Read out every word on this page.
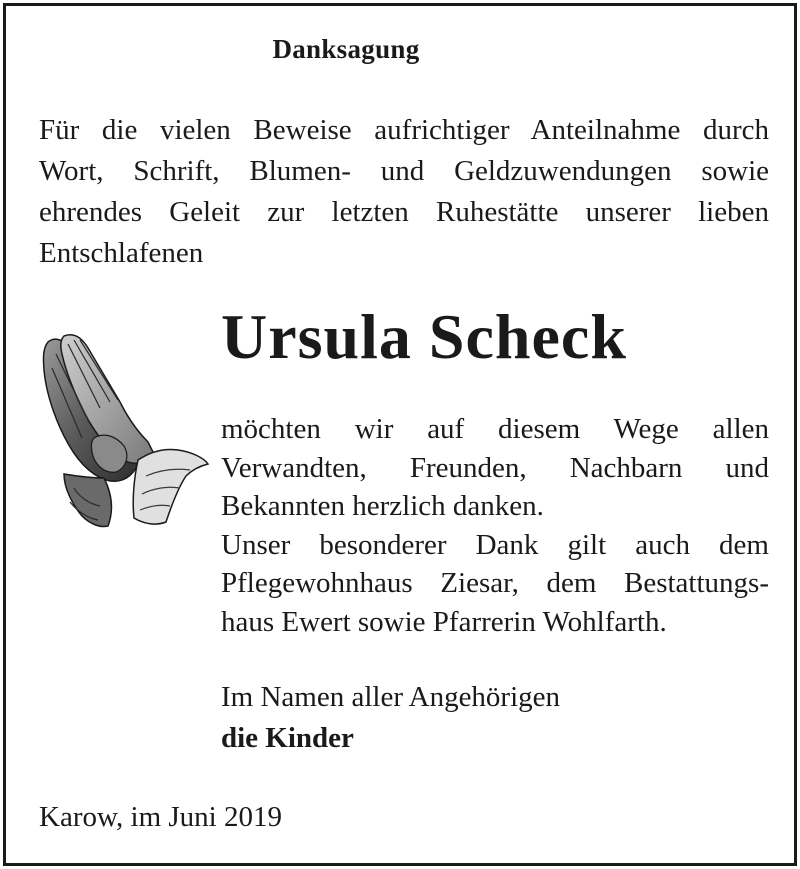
Danksagung
Für die vielen Beweise aufrichtiger Anteilnahme durch
Wort, Schrift, Blumen- und Geldzuwendungen sowie
ehrendes Geleit zur letzten Ruhestätte unserer lieben
Entschlafenen
Ursula Scheck
möchten wir auf diesem Wege allen
Verwandten, Freunden, Nachbarn und
Bekannten herzlich danken.
Unser besonderer Dank gilt auch dem
Pflegewohnhaus Ziesar, dem Bestattungs-
haus Ewert sowie Pfarrerin Wohlfarth.
Im Namen aller Angehörigen
die Kinder
Karow, im Juni 2019
